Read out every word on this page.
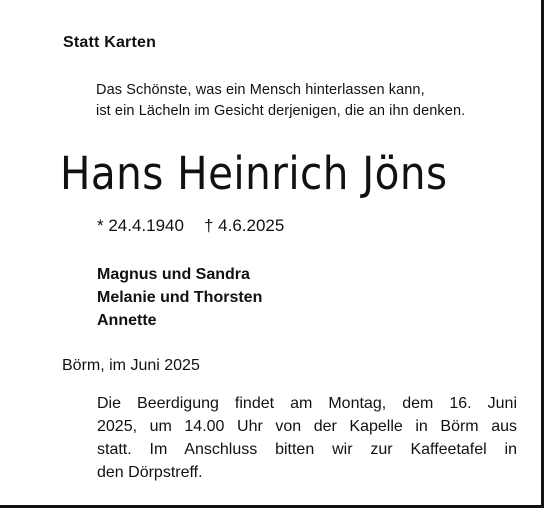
Statt Karten
Das Schönste, was ein Mensch hinterlassen kann,
ist ein Lächeln im Gesicht derjenigen, die an ihn denken.
Hans Heinrich Jöns
* 24.4.1940 † 4.6.2025
Magnus und Sandra
Melanie und Thorsten
Annette
Börm, im Juni 2025
Die Beerdigung findet am Montag, dem 16. Juni
2025, um 14.00 Uhr von der Kapelle in Börm aus
statt. Im Anschluss bitten wir zur Kaffeetafel in
den Dörpstreff.
